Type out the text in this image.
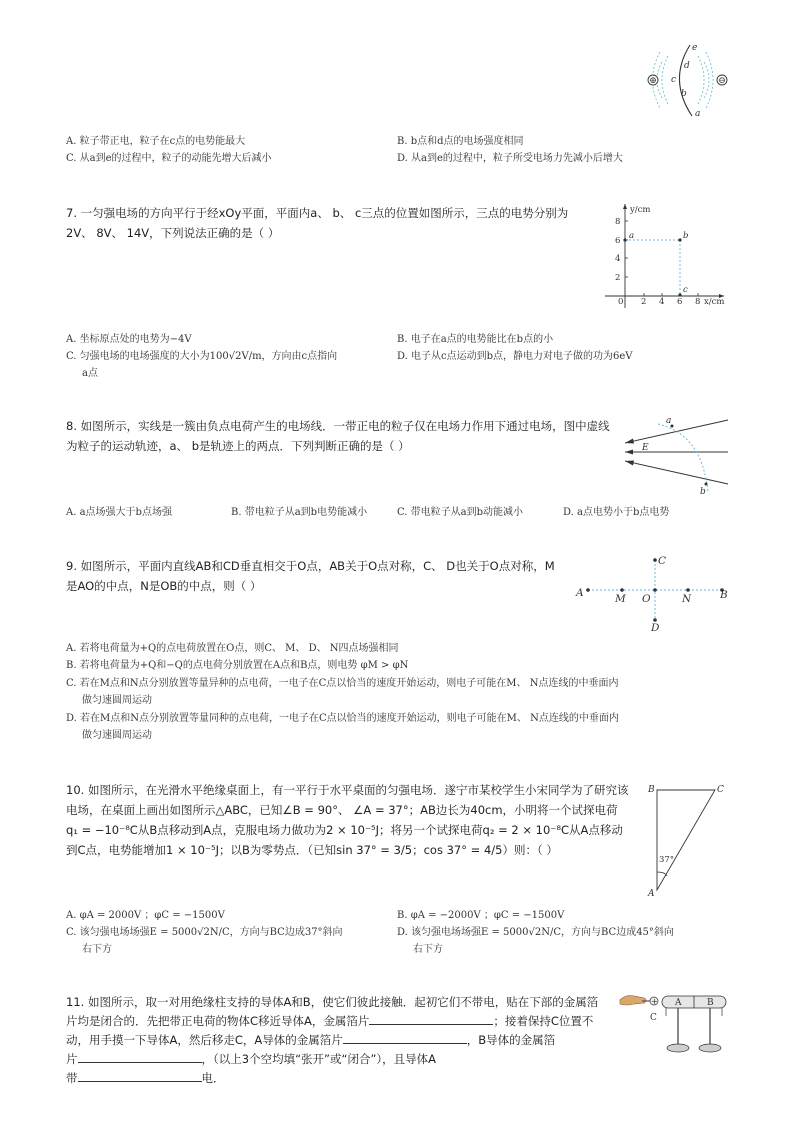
e
d
c
b
a
⊕	⊖
A. 粒子带正电，粒子在c点的电势能最大	B. b点和d点的电场强度相同
C. 从a到e的过程中，粒子的动能先增大后减小	D. 从a到e的过程中，粒子所受电场力先减小后增大
7. 一匀强电场的方向平行于经xOy平面，平面内a、 b、 c三点的位置如图所示，三点的电势分别为2V、 8V、 14V，下列说法正确的是（ ）
y/cm
x/cm
8
6
4
2
0 2 4 6 8
a	b
c
A. 坐标原点处的电势为−4V	B. 电子在a点的电势能比在b点的小
C. 匀强电场的电场强度的大小为100√2V/m，方向由c点指向
a点
D. 电子从c点运动到b点，静电力对电子做的功为6eV
8. 如图所示，实线是一簇由负点电荷产生的电场线．一带正电的粒子仅在电场力作用下通过电场，图中虚线为粒子的运动轨迹，a、 b是轨迹上的两点．下列判断正确的是（ ）
a
E
b
A. a点场强大于b点场强	B. 带电粒子从a到b电势能减小	C. 带电粒子从a到b动能减小	D. a点电势小于b点电势
9. 如图所示，平面内直线AB和CD垂直相交于O点，AB关于O点对称，C、 D也关于O点对称，M是AO的中点，N是OB的中点，则（ ）
C
A	M O	N	B
D
A. 若将电荷量为+Q的点电荷放置在O点，则C、 M、 D、 N四点场强相同
B. 若将电荷量为+Q和−Q的点电荷分别放置在A点和B点，则电势 φM > φN
C. 若在M点和N点分别放置等量异种的点电荷，一电子在C点以恰当的速度开始运动，则电子可能在M、 N点连线的中垂面内
做匀速圆周运动
D. 若在M点和N点分别放置等量同种的点电荷，一电子在C点以恰当的速度开始运动，则电子可能在M、 N点连线的中垂面内
做匀速圆周运动
10. 如图所示，在光滑水平绝缘桌面上，有一平行于水平桌面的匀强电场．遂宁市某校学生小宋同学为了研究该
电场，在桌面上画出如图所示△ABC，已知∠B = 90°、 ∠A = 37°；AB边长为40cm，小明将一个试探电荷
q₁ = −10⁻⁸C从B点移动到A点，克服电场力做功为2 × 10⁻⁵J；将另一个试探电荷q₂ = 2 × 10⁻⁸C从A点移动
到C点，电势能增加1 × 10⁻⁵J；以B为零势点．（已知sin 37° = 3/5；cos 37° = 4/5）则：（ ）
B	C
A
37°
A. φA = 2000V ；φC = −1500V	B. φA = −2000V ；φC = −1500V
C. 该匀强电场场强E = 5000√2N/C，方向与BC边成37°斜向
右下方
D. 该匀强电场场强E = 5000√2N/C，方向与BC边成45°斜向
右下方
11. 如图所示，取一对用绝缘柱支持的导体A和B，使它们彼此接触．起初它们不带电，贴在下部的金属箔
片均是闭合的．先把带正电荷的物体C移近导体A，金属箔片	；接着保持C位置不
动，用手摸一下导体A，然后移走C，A导体的金属箔片	，B导体的金属箔
片	，（以上3个空均填“张开”或“闭合”），且导体A
带	电．
+
C
A	B
